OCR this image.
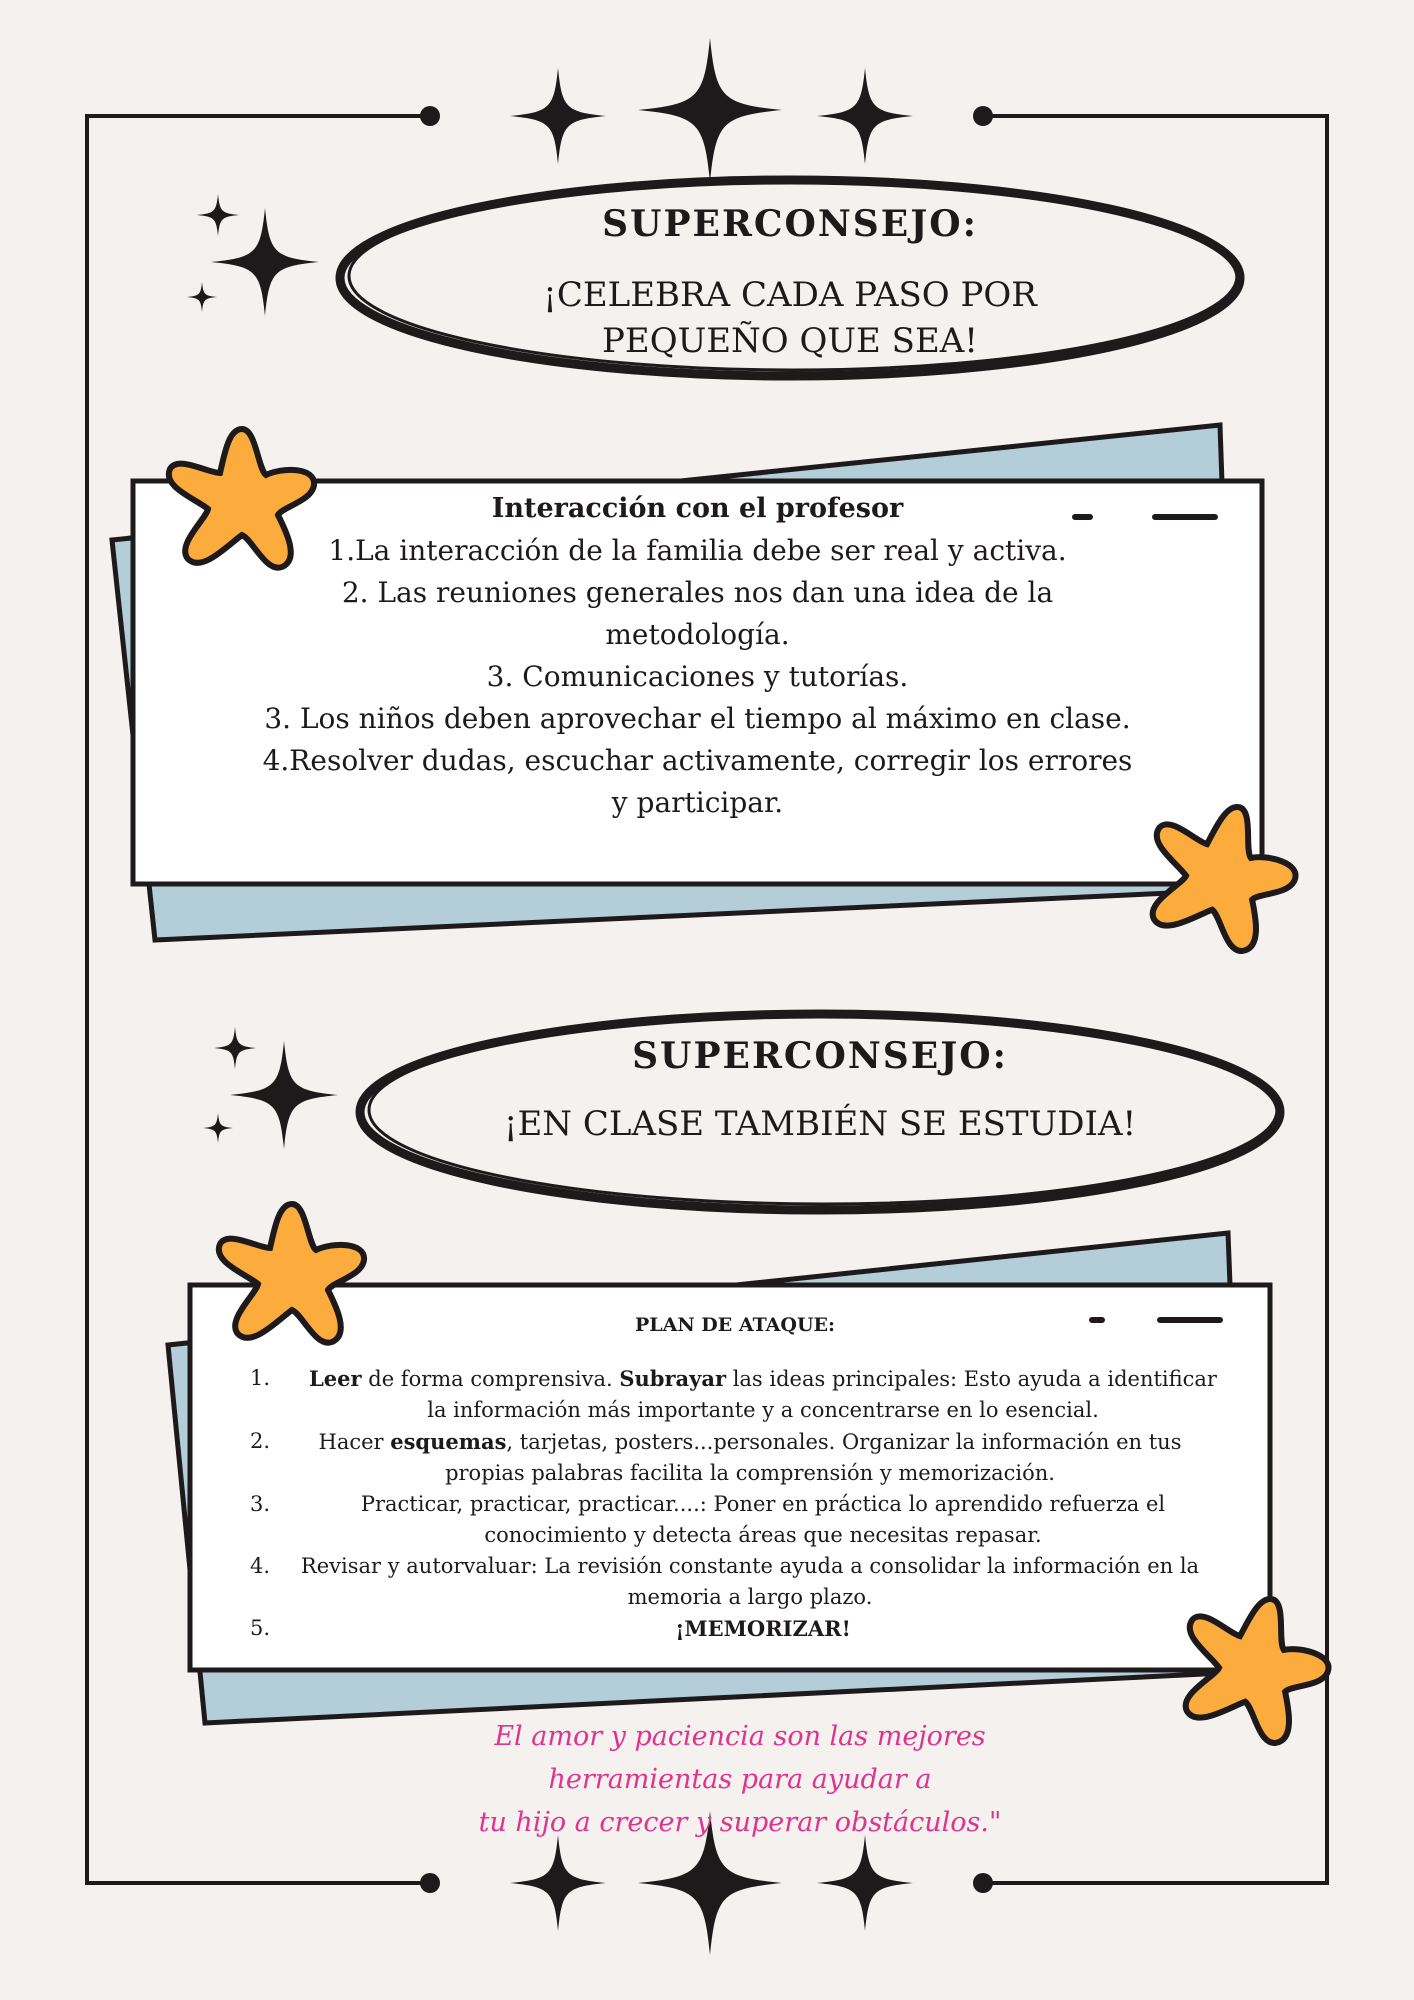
SUPERCONSEJO:
¡CELEBRA CADA PASO POR
PEQUEÑO QUE SEA!

Interacción con el profesor

1.La interacción de la familia debe ser real y activa.

2. Las reuniones generales nos dan una idea de la

metodología.

3. Comunicaciones y tutorías.

3. Los niños deben aprovechar el tiempo al máximo en clase.

4.Resolver dudas, escuchar activamente, corregir los errores

y participar.

SUPERCONSEJO:
¡EN CLASE TAMBIÉN SE ESTUDIA!

PLAN DE ATAQUE:

1.	Leer de forma comprensiva. Subrayar las ideas principales: Esto ayuda a identificar la información más importante y a concentrarse en lo esencial.
2.	Hacer esquemas, tarjetas, posters...personales. Organizar la información en tus propias palabras facilita la comprensión y memorización.
3.	Practicar, practicar, practicar....: Poner en práctica lo aprendido refuerza el conocimiento y detecta áreas que necesitas repasar.
4.	Revisar y autorvaluar: La revisión constante ayuda a consolidar la información en la memoria a largo plazo.
5.	¡MEMORIZAR!
El amor y paciencia son las mejores
herramientas para ayudar a
tu hijo a crecer y superar obstáculos."
